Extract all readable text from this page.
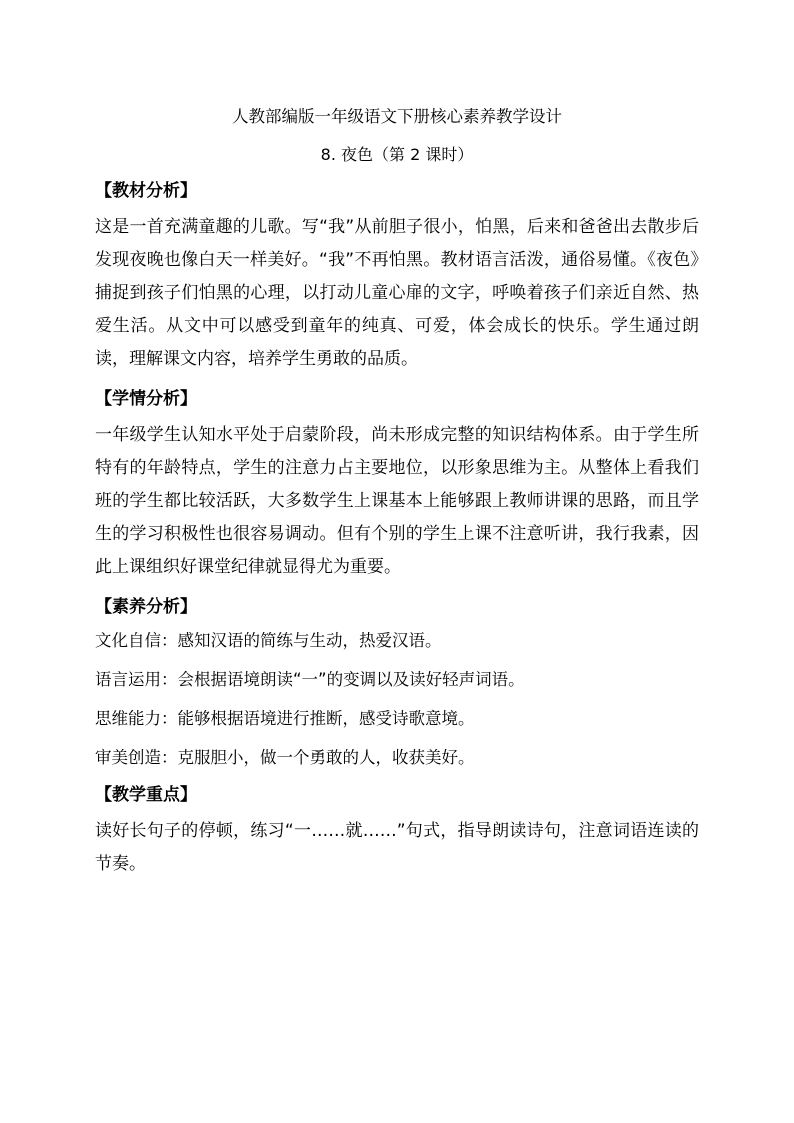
人教部编版一年级语文下册核心素养教学设计
8. 夜色（第 2 课时）
【教材分析】

这是一首充满童趣的儿歌。写“我”从前胆子很小，怕黑，后来和爸爸出去散步后发现夜晚也像白天一样美好。“我”不再怕黑。教材语言活泼，通俗易懂。《夜色》捕捉到孩子们怕黑的心理，以打动儿童心扉的文字，呼唤着孩子们亲近自然、热爱生活。从文中可以感受到童年的纯真、可爱，体会成长的快乐。学生通过朗读，理解课文内容，培养学生勇敢的品质。

【学情分析】

一年级学生认知水平处于启蒙阶段，尚未形成完整的知识结构体系。由于学生所特有的年龄特点，学生的注意力占主要地位，以形象思维为主。从整体上看我们班的学生都比较活跃，大多数学生上课基本上能够跟上教师讲课的思路，而且学生的学习积极性也很容易调动。但有个别的学生上课不注意听讲，我行我素，因此上课组织好课堂纪律就显得尤为重要。

【素养分析】
文化自信：感知汉语的简练与生动，热爱汉语。
语言运用：会根据语境朗读“一”的变调以及读好轻声词语。
思维能力：能够根据语境进行推断，感受诗歌意境。
审美创造：克服胆小，做一个勇敢的人，收获美好。
【教学重点】

读好长句子的停顿，练习“一……就……”句式，指导朗读诗句，注意词语连读的节奏。
